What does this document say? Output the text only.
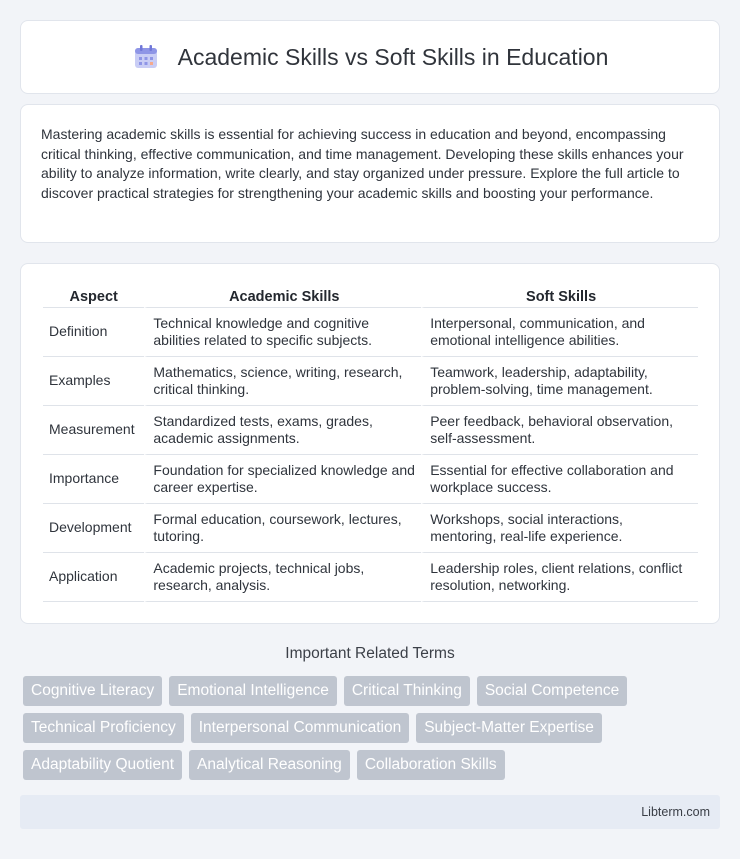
Academic Skills vs Soft Skills in Education

Mastering academic skills is essential for achieving success in education and beyond, encompassing critical thinking, effective communication, and time management. Developing these skills enhances your ability to analyze information, write clearly, and stay organized under pressure. Explore the full article to discover practical strategies for strengthening your academic skills and boosting your performance.

Aspect	Academic Skills	Soft Skills
Definition	Technical knowledge and cognitive abilities related to specific subjects.	Interpersonal, communication, and emotional intelligence abilities.
Examples	Mathematics, science, writing, research, critical thinking.	Teamwork, leadership, adaptability, problem-solving, time management.
Measurement	Standardized tests, exams, grades, academic assignments.	Peer feedback, behavioral observation, self-assessment.
Importance	Foundation for specialized knowledge and career expertise.	Essential for effective collaboration and workplace success.
Development	Formal education, coursework, lectures, tutoring.	Workshops, social interactions, mentoring, real-life experience.
Application	Academic projects, technical jobs, research, analysis.	Leadership roles, client relations, conflict resolution, networking.
Important Related Terms
Cognitive Literacy	Emotional Intelligence	Critical Thinking	Social Competence
Technical Proficiency	Interpersonal Communication	Subject-Matter Expertise
Adaptability Quotient	Analytical Reasoning	Collaboration Skills
Libterm.com
